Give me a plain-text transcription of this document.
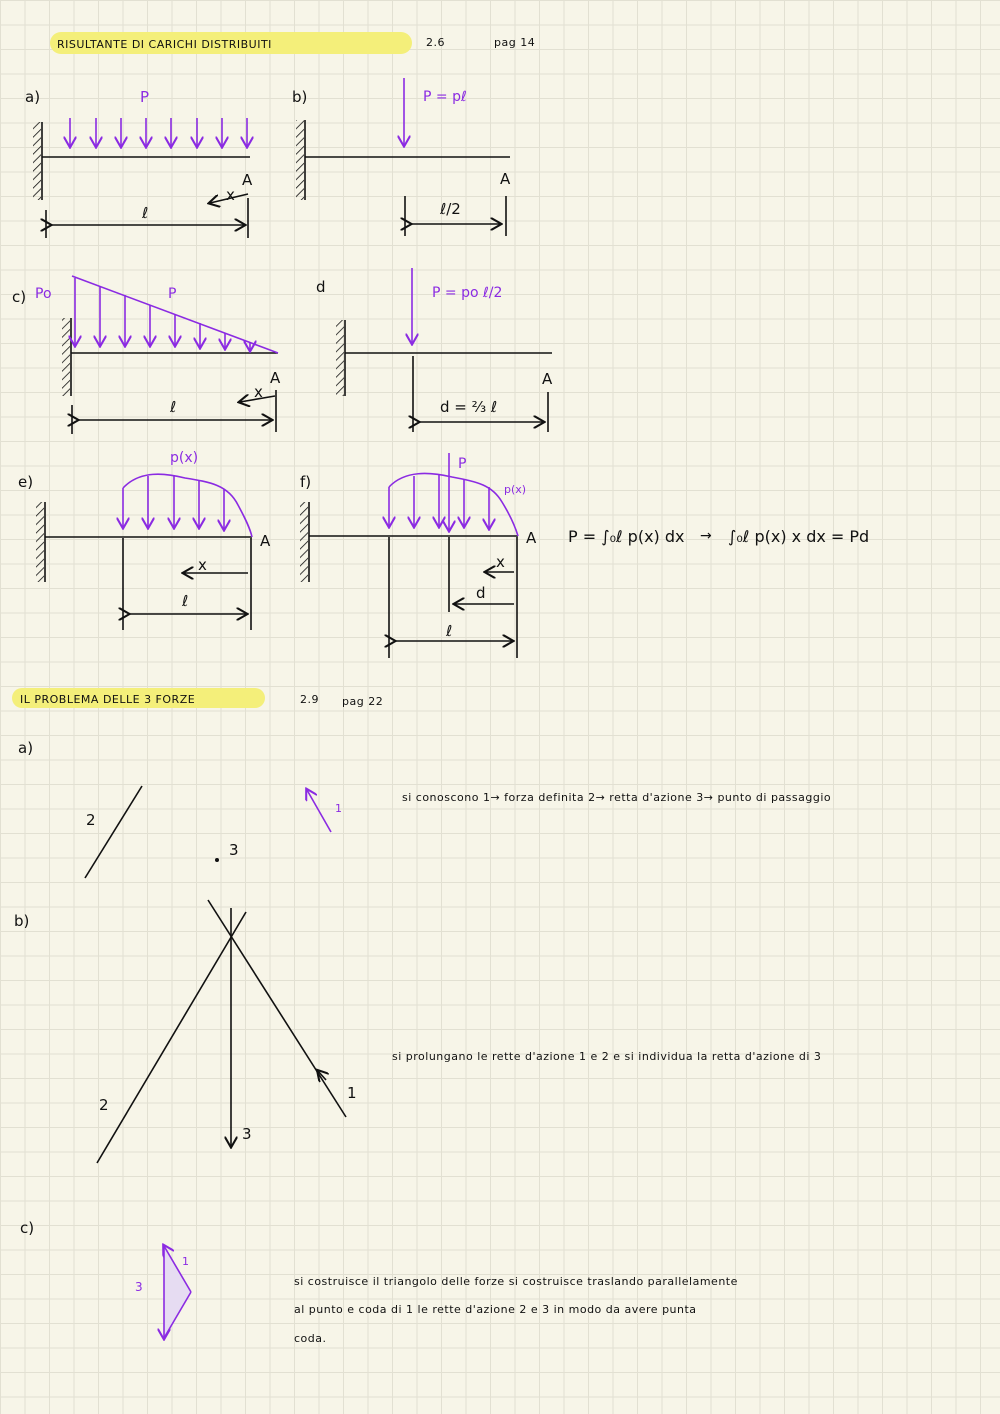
RISULTANTE DI CARICHI DISTRIBUITI	2.6	pag 14
a)	P
A
x
ℓ
b)	P = pℓ
A
ℓ/2
c) Po	P
A
x
ℓ
d	P = po ℓ/2
A
d = ⅔ ℓ
e)
p(x)
A
x
ℓ
f)
P
p(x)
A
x
d
ℓ
P = ∫₀ℓ p(x) dx → ∫₀ℓ p(x) x dx = Pd
IL PROBLEMA DELLE 3 FORZE	2.9 pag 22
a)
2
3
1
si conoscono 1→ forza definita 2→ retta d'azione 3→ punto di passaggio
b)
2
3
1
si prolungano le rette d'azione 1 e 2 e si individua la retta d'azione di 3
c)
1
3	si costruisce il triangolo delle forze si costruisce traslando parallelamente
al punto e coda di 1 le rette d'azione 2 e 3 in modo da avere punta
coda.
